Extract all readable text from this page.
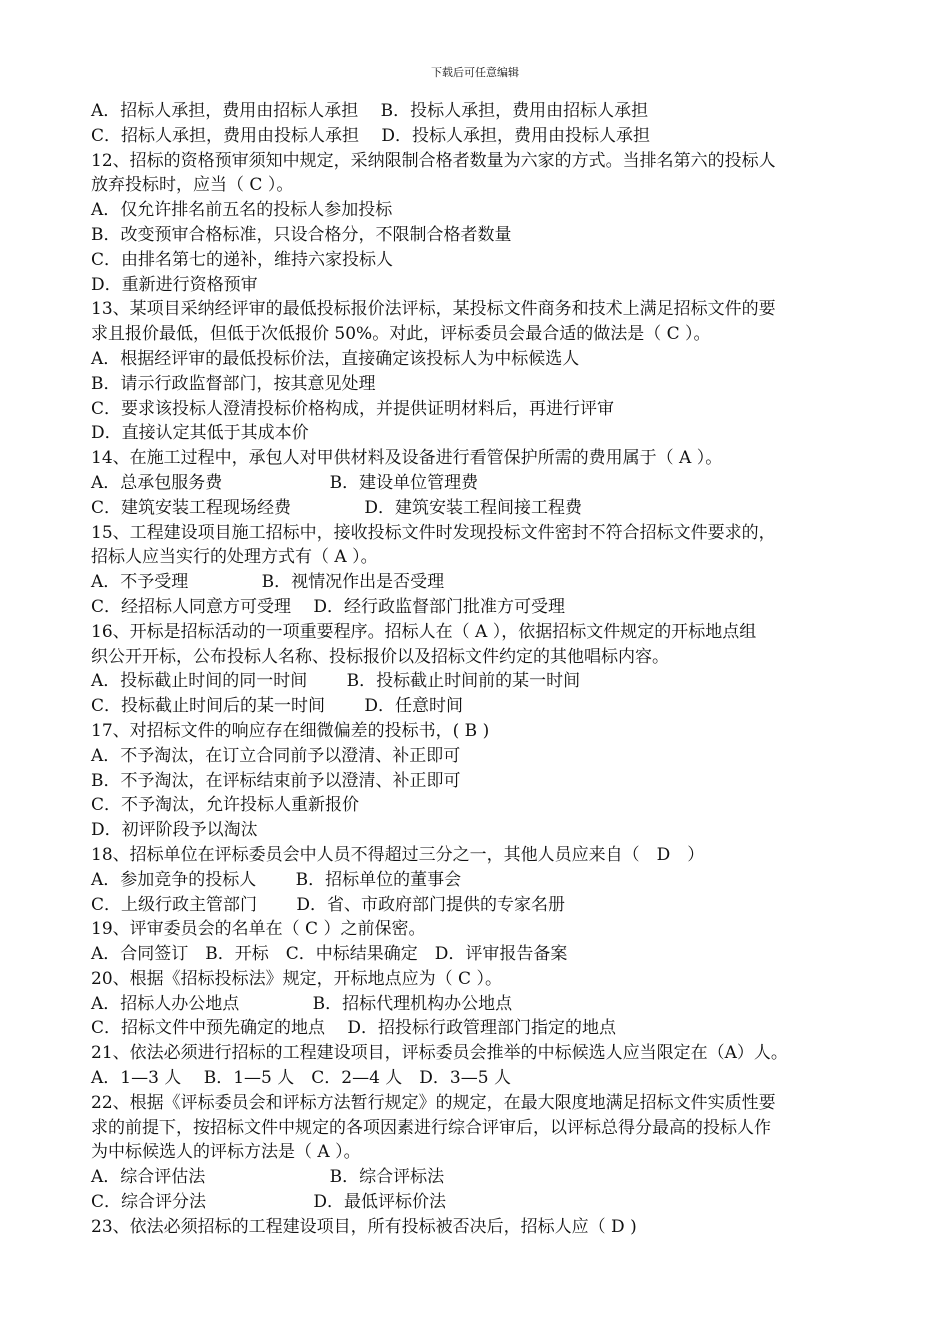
下载后可任意编辑
A．招标人承担，费用由招标人承担　 B．投标人承担，费用由招标人承担
C．招标人承担，费用由投标人承担　 D．投标人承担，费用由投标人承担
12、招标的资格预审须知中规定，采纳限制合格者数量为六家的方式。当排名第六的投标人
放弃投标时，应当（ C ）。
A．仅允许排名前五名的投标人参加投标
B．改变预审合格标准，只设合格分，不限制合格者数量
C．由排名第七的递补，维持六家投标人
D．重新进行资格预审
13、某项目采纳经评审的最低投标报价法评标，某投标文件商务和技术上满足招标文件的要
求且报价最低，但低于次低报价 50%。对此，评标委员会最合适的做法是（ C ）。
A．根据经评审的最低投标价法，直接确定该投标人为中标候选人
B．请示行政监督部门，按其意见处理
C．要求该投标人澄清投标价格构成，并提供证明材料后，再进行评审
D．直接认定其低于其成本价
14、在施工过程中，承包人对甲供材料及设备进行看管保护所需的费用属于（ A ）。
A．总承包服务费　　　　　　 B．建设单位管理费
C．建筑安装工程现场经费　　　　 D．建筑安装工程间接工程费
15、工程建设项目施工招标中，接收投标文件时发现投标文件密封不符合招标文件要求的，
招标人应当实行的处理方式有（ A ）。
A．不予受理　　　　 B．视情况作出是否受理
C．经招标人同意方可受理　 D．经行政监督部门批准方可受理
16、开标是招标活动的一项重要程序。招标人在（ A ），依据招标文件规定的开标地点组
织公开开标，公布投标人名称、投标报价以及招标文件约定的其他唱标内容。
A．投标截止时间的同一时间　　 B．投标截止时间前的某一时间
C．投标截止时间后的某一时间　　 D．任意时间
17、对招标文件的响应存在细微偏差的投标书，( B )
A．不予淘汰，在订立合同前予以澄清、补正即可
B．不予淘汰，在评标结束前予以澄清、补正即可
C．不予淘汰，允许投标人重新报价
D．初评阶段予以淘汰
18、招标单位在评标委员会中人员不得超过三分之一，其他人员应来自（　D　）
A．参加竞争的投标人　　 B．招标单位的董事会
C．上级行政主管部门　　 D．省、市政府部门提供的专家名册
19、评审委员会的名单在（ C ）之前保密。
A．合同签订　B．开标　C．中标结果确定　D．评审报告备案
20、根据《招标投标法》规定，开标地点应为（ C ）。
A．招标人办公地点　　　　 B．招标代理机构办公地点
C．招标文件中预先确定的地点　 D．招投标行政管理部门指定的地点
21、依法必须进行招标的工程建设项目，评标委员会推举的中标候选人应当限定在（A）人。
A．1—3 人　 B．1—5 人　C．2—4 人　D．3—5 人
22、根据《评标委员会和评标方法暂行规定》的规定，在最大限度地满足招标文件实质性要
求的前提下，按招标文件中规定的各项因素进行综合评审后，以评标总得分最高的投标人作
为中标候选人的评标方法是（ A ）。
A．综合评估法　　　　　　　 B．综合评标法
C．综合评分法　　　　　　 D．最低评标价法
23、依法必须招标的工程建设项目，所有投标被否决后，招标人应（ D )
